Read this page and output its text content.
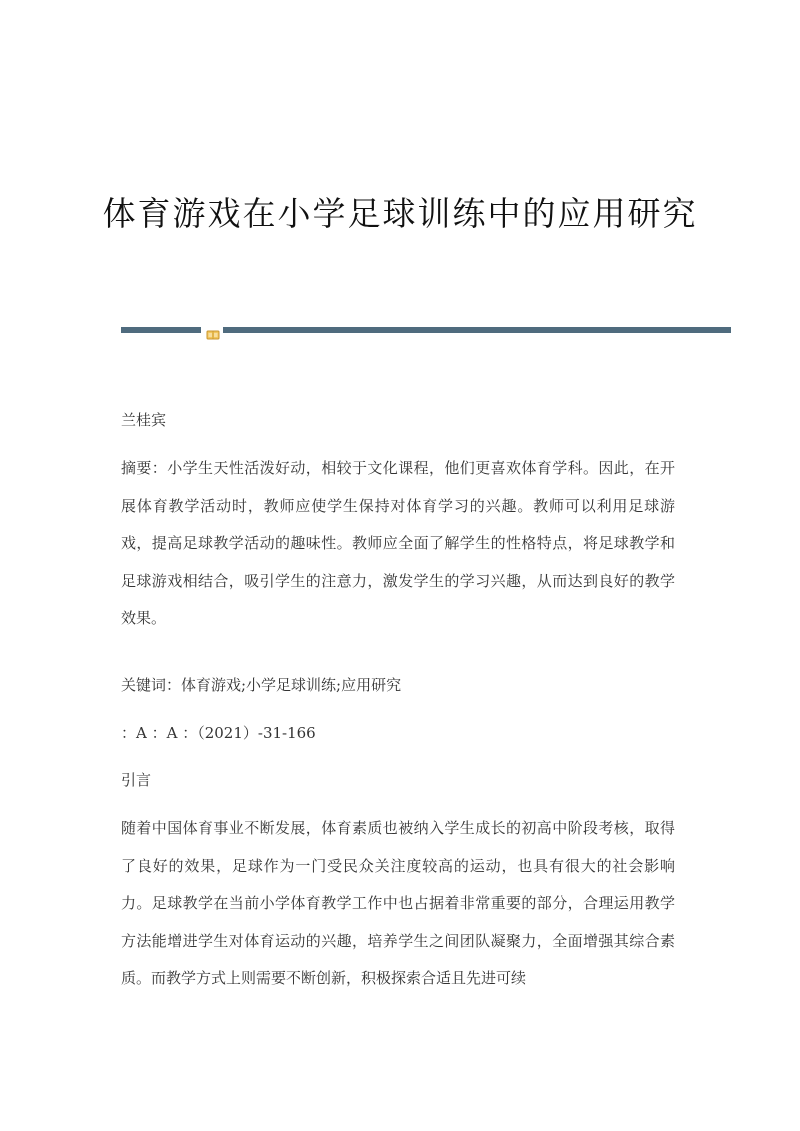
体育游戏在小学足球训练中的应用研究
兰桂宾
摘要：小学生天性活泼好动，相较于文化课程，他们更喜欢体育学科。因此，在开展体育教学活动时，教师应使学生保持对体育学习的兴趣。教师可以利用足球游戏，提高足球教学活动的趣味性。教师应全面了解学生的性格特点，将足球教学和足球游戏相结合，吸引学生的注意力，激发学生的学习兴趣，从而达到良好的教学效果。
关键词：体育游戏;小学足球训练;应用研究
：A ：A ：（2021）-31-166
引言
随着中国体育事业不断发展，体育素质也被纳入学生成长的初高中阶段考核，取得了良好的效果，足球作为一门受民众关注度较高的运动，也具有很大的社会影响力。足球教学在当前小学体育教学工作中也占据着非常重要的部分，合理运用教学方法能增进学生对体育运动的兴趣，培养学生之间团队凝聚力，全面增强其综合素质。而教学方式上则需要不断创新，积极探索合适且先进可续
